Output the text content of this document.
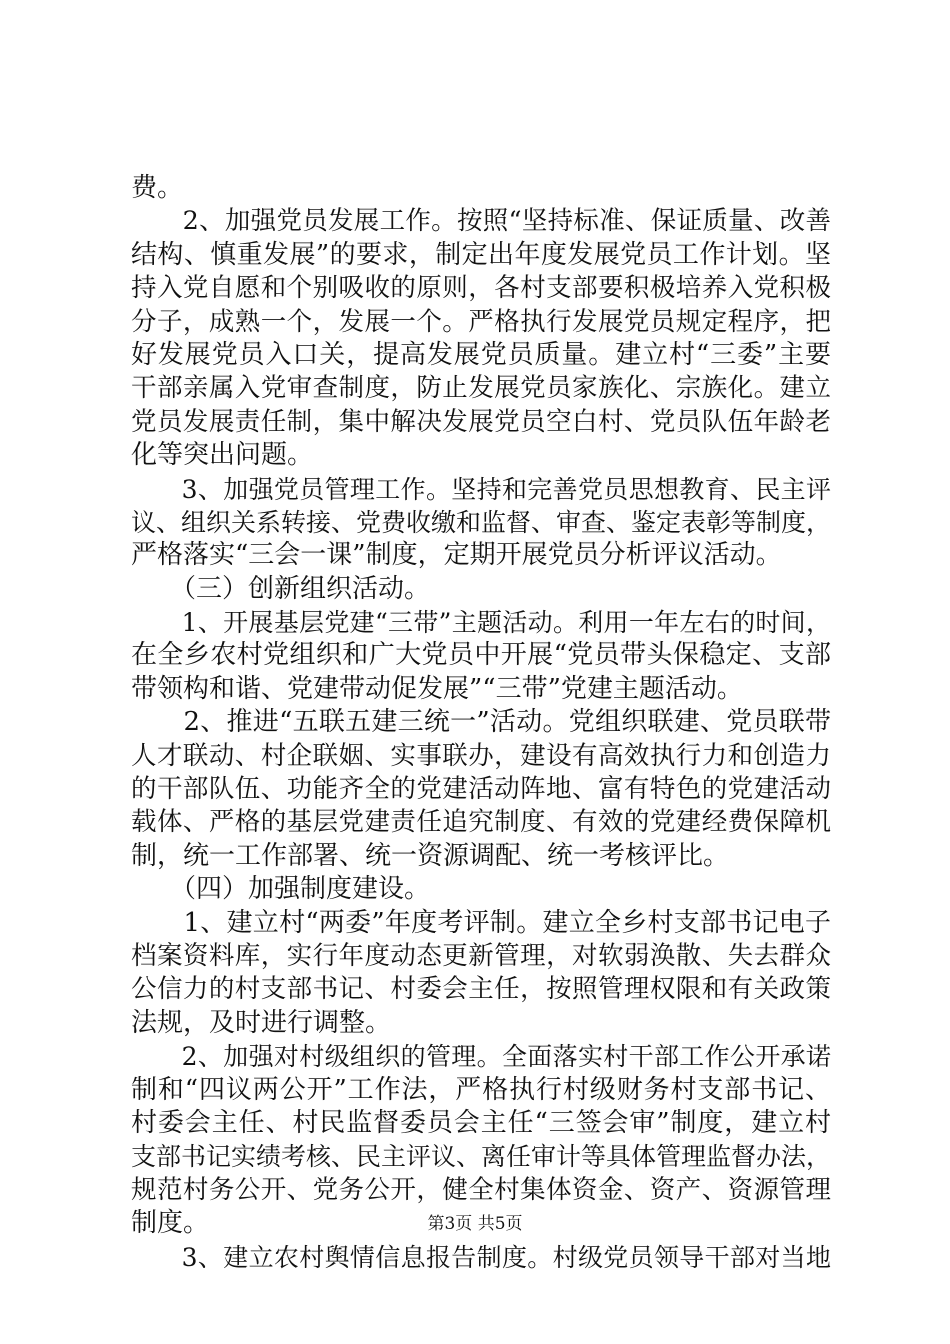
费。
　　2、加强党员发展工作。按照“坚持标准、保证质量、改善
结构、慎重发展”的要求，制定出年度发展党员工作计划。坚
持入党自愿和个别吸收的原则，各村支部要积极培养入党积极
分子，成熟一个，发展一个。严格执行发展党员规定程序，把
好发展党员入口关，提高发展党员质量。建立村“三委”主要
干部亲属入党审查制度，防止发展党员家族化、宗族化。建立
党员发展责任制，集中解决发展党员空白村、党员队伍年龄老
化等突出问题。
　　3、加强党员管理工作。坚持和完善党员思想教育、民主评
议、组织关系转接、党费收缴和监督、审查、鉴定表彰等制度，
严格落实“三会一课”制度，定期开展党员分析评议活动。
　　（三）创新组织活动。
　　1、开展基层党建“三带”主题活动。利用一年左右的时间，
在全乡农村党组织和广大党员中开展“党员带头保稳定、支部
带领构和谐、党建带动促发展”“三带”党建主题活动。
　　2、推进“五联五建三统一”活动。党组织联建、党员联带
人才联动、村企联姻、实事联办，建设有高效执行力和创造力
的干部队伍、功能齐全的党建活动阵地、富有特色的党建活动
载体、严格的基层党建责任追究制度、有效的党建经费保障机
制，统一工作部署、统一资源调配、统一考核评比。
　　（四）加强制度建设。
　　1、建立村“两委”年度考评制。建立全乡村支部书记电子
档案资料库，实行年度动态更新管理，对软弱涣散、失去群众
公信力的村支部书记、村委会主任，按照管理权限和有关政策
法规，及时进行调整。
　　2、加强对村级组织的管理。全面落实村干部工作公开承诺
制和“四议两公开”工作法，严格执行村级财务村支部书记、
村委会主任、村民监督委员会主任“三签会审”制度，建立村
支部书记实绩考核、民主评议、离任审计等具体管理监督办法，
规范村务公开、党务公开，健全村集体资金、资产、资源管理
制度。
　　3、建立农村舆情信息报告制度。村级党员领导干部对当地
第3页 共5页
